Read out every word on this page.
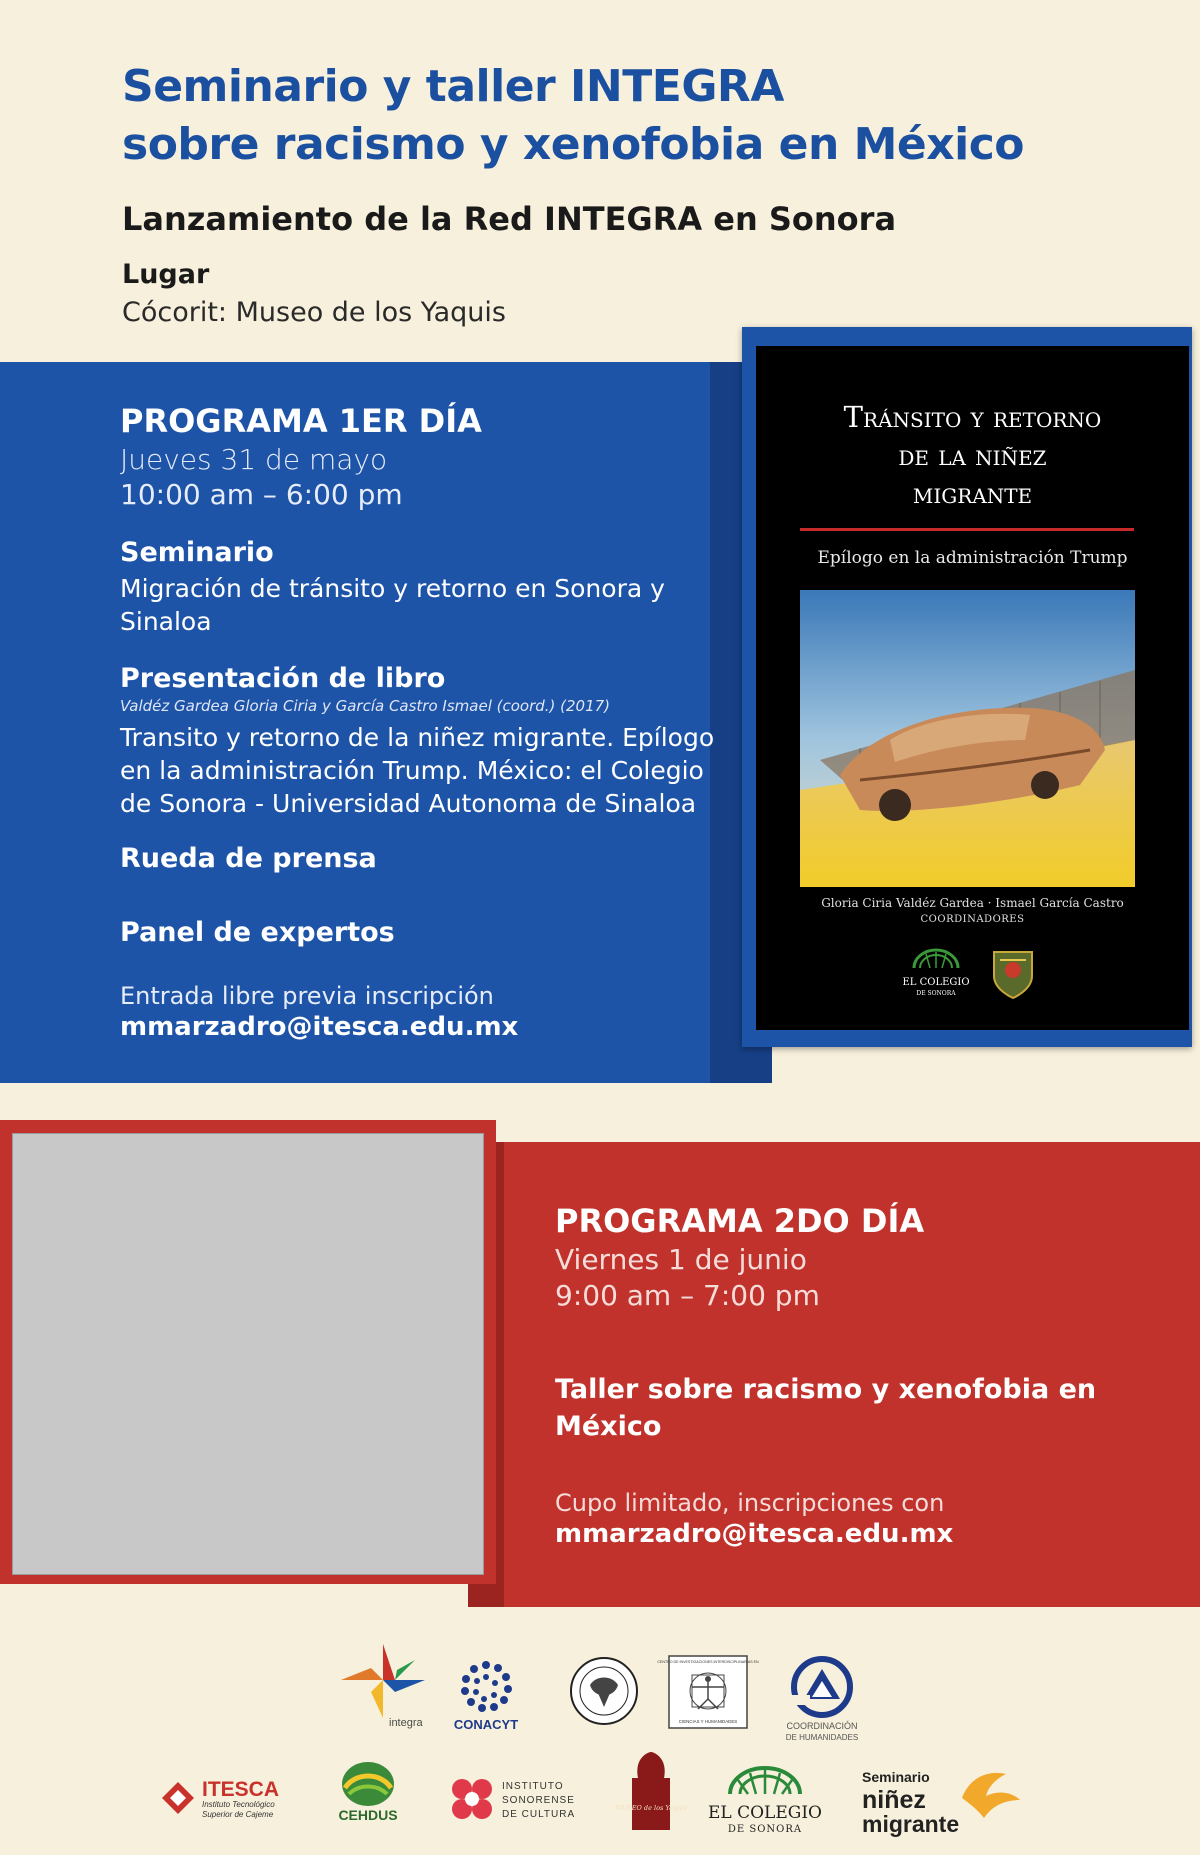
Seminario y taller INTEGRA
sobre racismo y xenofobia en México
Lanzamiento de la Red INTEGRA en Sonora
Lugar
Cócorit: Museo de los Yaquis
PROGRAMA 1ER DÍA
Jueves 31 de mayo
10:00 am – 6:00 pm
Seminario
Migración de tránsito y retorno en Sonora y Sinaloa
Presentación de libro
Valdéz Gardea Gloria Ciria y García Castro Ismael (coord.) (2017)
Transito y retorno de la niñez migrante. Epílogo en la administración Trump. México: el Colegio de Sonora - Universidad Autonoma de Sinaloa
Rueda de prensa
Panel de expertos
Entrada libre previa inscripción
mmarzadro@itesca.edu.mx
Tránsito y retorno
de la niñez
migrante
Epílogo en la administración Trump
Gloria Ciria Valdéz Gardea · Ismael García Castro
COORDINADORES
EL COLEGIO
DE SONORA
PROGRAMA 2DO DÍA
Viernes 1 de junio
9:00 am – 7:00 pm
Taller sobre racismo y xenofobia en México
Cupo limitado, inscripciones con
mmarzadro@itesca.edu.mx
integra CONACYT
CENTRO DE INVESTIGACIONES INTERDISCIPLINARIAS EN
CIENCIAS Y HUMANIDADES	COORDINACIÓN
DE HUMANIDADES
ITESCA
Instituto Tecnológico
Superior de Cajeme	CEHDUS
INSTITUTO
SONORENSE
DE CULTURA
MUSEO de los Yaquis EL COLEGIO
DE SONORA
Seminario
niñez
migrante
